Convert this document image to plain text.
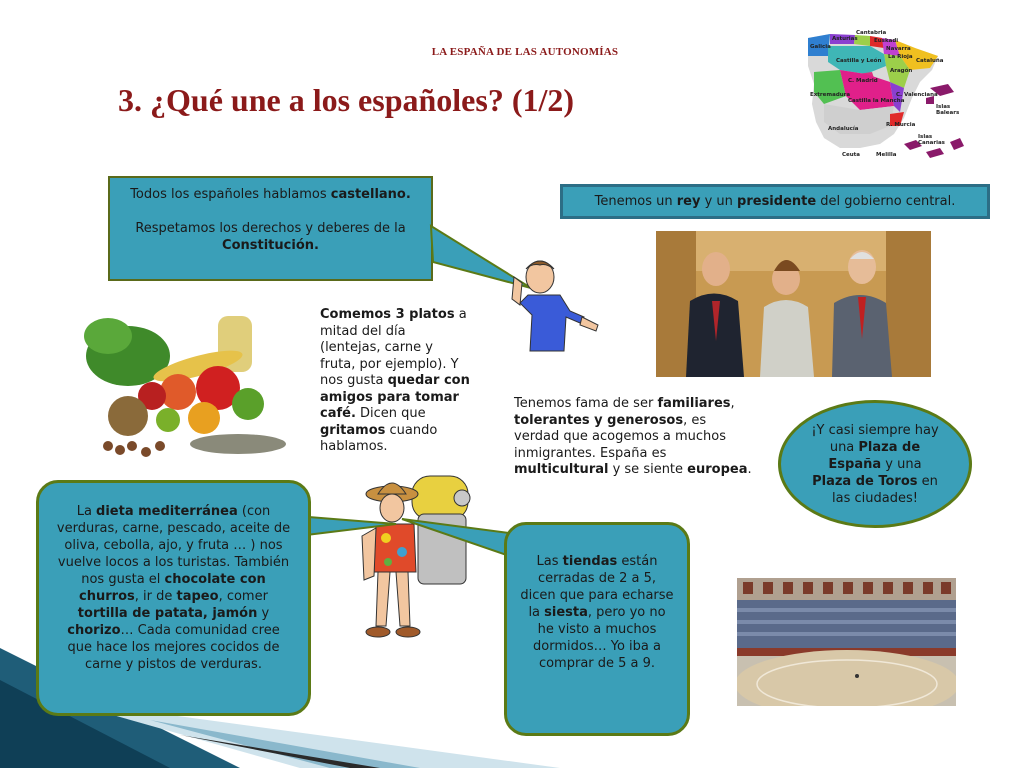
LA ESPAÑA DE LAS AUTONOMÍAS
3. ¿Qué une a los españoles? (1/2)
Galicia
Asturias
Cantabria
Euskadi
Navarra
La Rioja
Castilla y León	Cataluña
Aragón
C. Madrid
Extremadura
Castilla la Mancha
C. Valenciana
Islas
Balears
Andalucía
R. Murcia
Islas
Canarias
Ceuta	Melilla
Todos los españoles hablamos castellano.
Respetamos los derechos y deberes de la Constitución.
Tenemos un rey y un presidente del gobierno central.
Comemos 3 platos a mitad del día (lentejas, carne y fruta, por ejemplo). Y nos gusta quedar con amigos para tomar café. Dicen que gritamos cuando hablamos.
Tenemos fama de ser familiares, tolerantes y generosos, es verdad que acogemos a muchos inmigrantes. España es multicultural y se siente europea.
¡Y casi siempre hay una Plaza de España y una Plaza de Toros en las ciudades!
La dieta mediterránea (con verduras, carne, pescado, aceite de oliva, cebolla, ajo, y fruta … ) nos vuelve locos a los turistas. También nos gusta el chocolate con churros, ir de tapeo, comer tortilla de patata, jamón y chorizo… Cada comunidad cree que hace los mejores cocidos de carne y pistos de verduras.
Las tiendas están cerradas de 2 a 5, dicen que para echarse la siesta, pero yo no he visto a muchos dormidos… Yo iba a comprar de 5 a 9.
